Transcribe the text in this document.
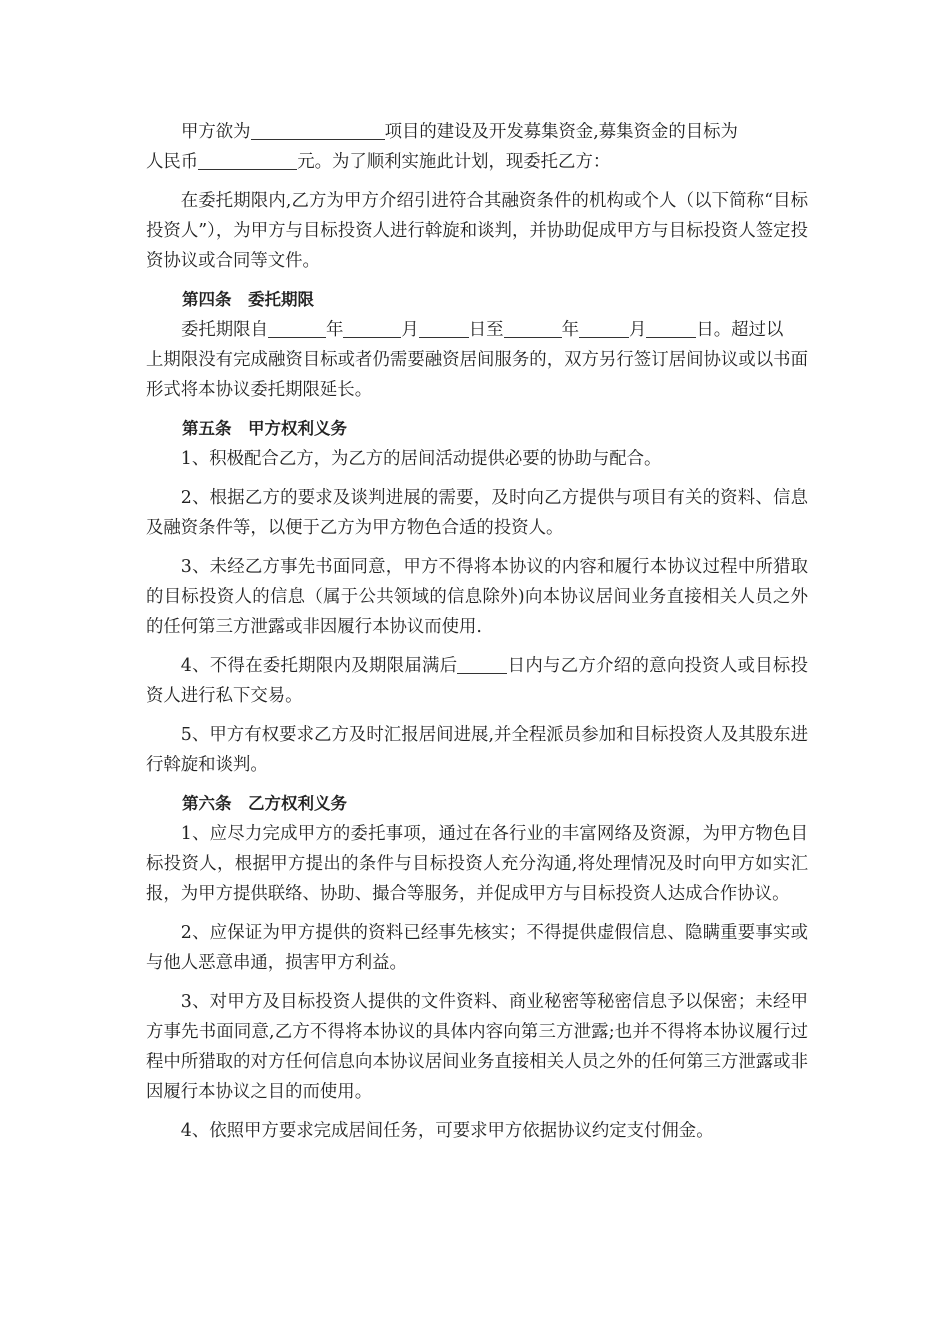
甲方欲为	项目的建设及开发募集资金,募集资金的目标为
人民币	元。为了顺利实施此计划，现委托乙方：

在委托期限内,乙方为甲方介绍引进符合其融资条件的机构或个人（以下简称“目标投资人”），为甲方与目标投资人进行斡旋和谈判，并协助促成甲方与目标投资人签定投资协议或合同等文件。

第四条　委托期限

委托期限自	年	月	日至	年	月	日。超过以
上期限没有完成融资目标或者仍需要融资居间服务的，双方另行签订居间协议或以书面形式将本协议委托期限延长。

第五条　甲方权利义务

1、积极配合乙方，为乙方的居间活动提供必要的协助与配合。

2、根据乙方的要求及谈判进展的需要，及时向乙方提供与项目有关的资料、信息及融资条件等，以便于乙方为甲方物色合适的投资人。

3、未经乙方事先书面同意，甲方不得将本协议的内容和履行本协议过程中所猎取的目标投资人的信息（属于公共领域的信息除外)向本协议居间业务直接相关人员之外的任何第三方泄露或非因履行本协议而使用.

4、不得在委托期限内及期限届满后	日内与乙方介绍的意向投资人或目标投资人进行私下交易。

5、甲方有权要求乙方及时汇报居间进展,并全程派员参加和目标投资人及其股东进行斡旋和谈判。

第六条　乙方权利义务

1、应尽力完成甲方的委托事项，通过在各行业的丰富网络及资源，为甲方物色目标投资人，根据甲方提出的条件与目标投资人充分沟通,将处理情况及时向甲方如实汇报，为甲方提供联络、协助、撮合等服务，并促成甲方与目标投资人达成合作协议。

2、应保证为甲方提供的资料已经事先核实；不得提供虚假信息、隐瞒重要事实或与他人恶意串通，损害甲方利益。

3、对甲方及目标投资人提供的文件资料、商业秘密等秘密信息予以保密；未经甲方事先书面同意,乙方不得将本协议的具体内容向第三方泄露;也并不得将本协议履行过程中所猎取的对方任何信息向本协议居间业务直接相关人员之外的任何第三方泄露或非因履行本协议之目的而使用。

4、依照甲方要求完成居间任务，可要求甲方依据协议约定支付佣金。
